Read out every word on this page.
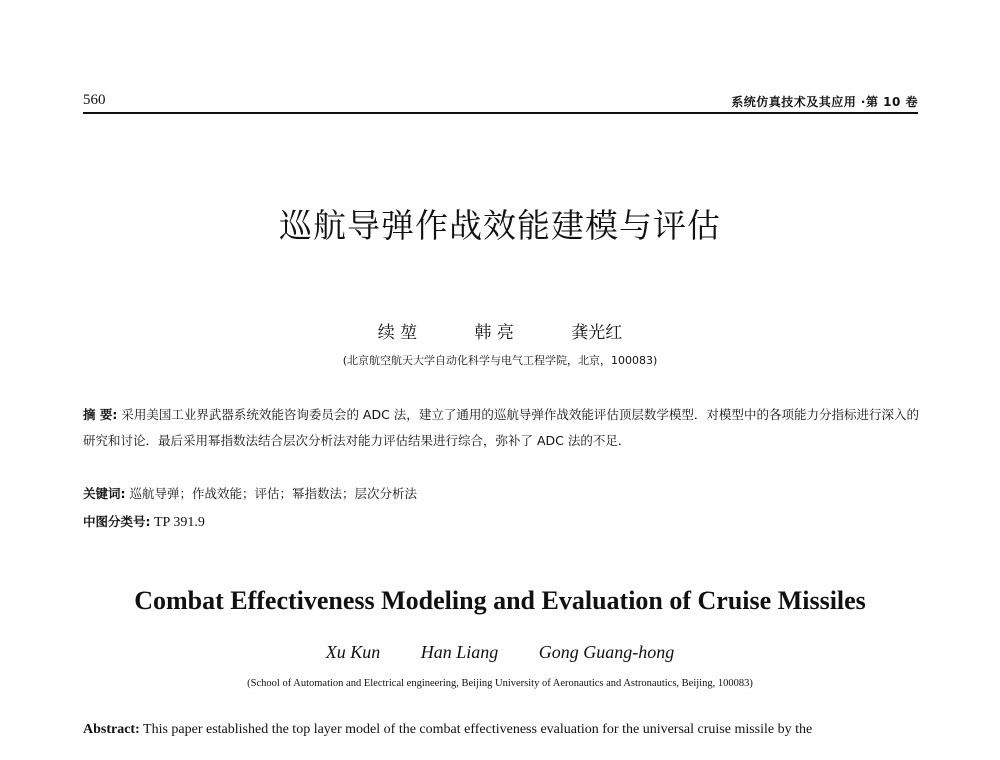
560	系统仿真技术及其应用 ·第 10 卷
巡航导弹作战效能建模与评估
续 堃	韩 亮	龚光红
(北京航空航天大学自动化科学与电气工程学院，北京，100083)
摘 要: 采用美国工业界武器系统效能咨询委员会的 ADC 法，建立了通用的巡航导弹作战效能评估顶层数学模型．对模型中的各项能力分指标进行深入的研究和讨论．最后采用幂指数法结合层次分析法对能力评估结果进行综合，弥补了 ADC 法的不足．
关键词: 巡航导弹；作战效能；评估；幂指数法；层次分析法
中图分类号: TP 391.9
Combat Effectiveness Modeling and Evaluation of Cruise Missiles
Xu Kun Han Liang Gong Guang-hong
(School of Automation and Electrical engineering, Beijing University of Aeronautics and Astronautics, Beijing, 100083)
Abstract: This paper established the top layer model of the combat effectiveness evaluation for the universal cruise missile by the
